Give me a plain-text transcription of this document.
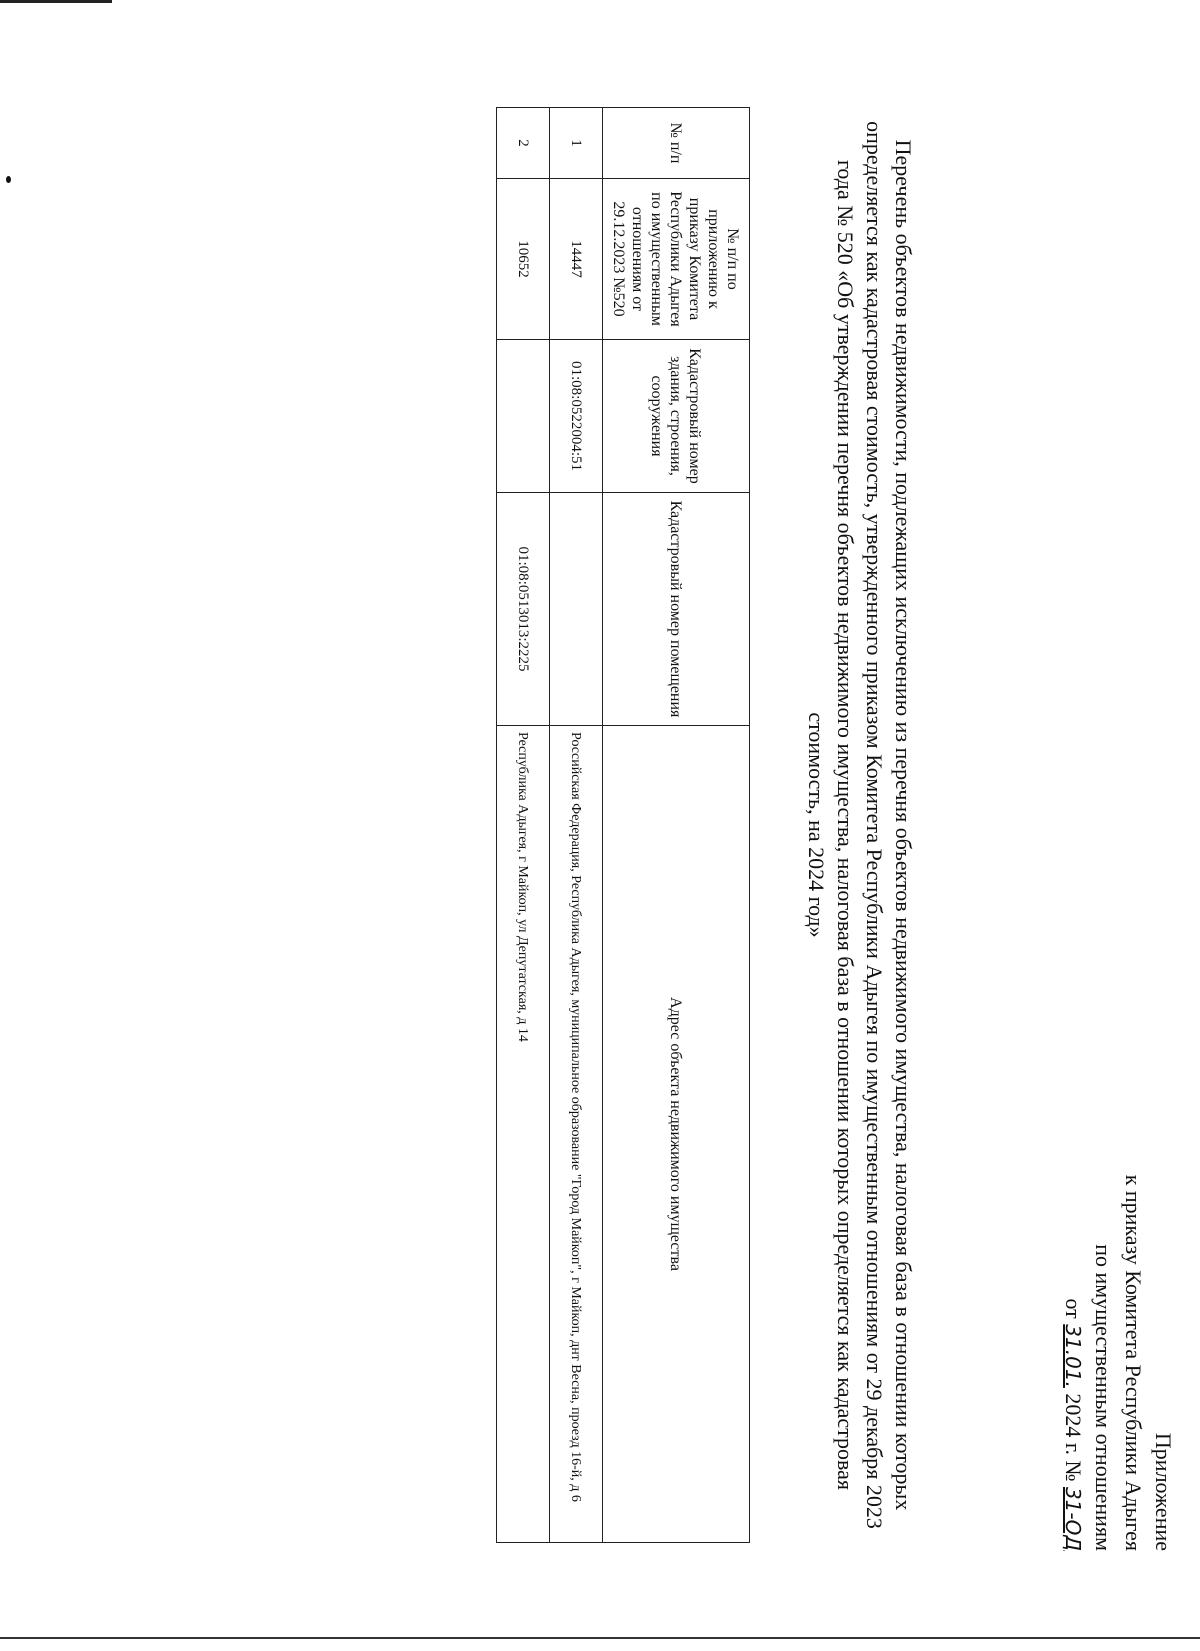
Приложение
к приказу Комитета Республики Адыгея
по имущественным отношениям
от 31.01. 2024 г. № 31-ОД
Перечень объектов недвижимости, подлежащих исключению из перечня объектов недвижимого имущества, налоговая база в отношении которых определяется как кадастровая стоимость, утвержденного приказом Комитета Республики Адыгея по имущественным отношениям от 29 декабря 2023 года № 520 «Об утверждении перечня объектов недвижимого имущества, налоговая база в отношении которых определяется как кадастровая стоимость, на 2024 год»
№ п/п	№ п/п по приложению к приказу Комитета Республики Адыгея по имущественным отношениям от 29.12.2023 №520	Кадастровый номер здания, строения, сооружения	Кадастровый номер помещения	Адрес объекта недвижимого имущества
1	14447	01:08:0522004:51		Российская Федерация, Республика Адыгея, муниципальное образование "Город Майкоп", г Майкоп, днт Весна, проезд 16-й, д 6
2	10652		01:08:0513013:2225	Республика Адыгея, г Майкоп, ул Депутатская, д 14
